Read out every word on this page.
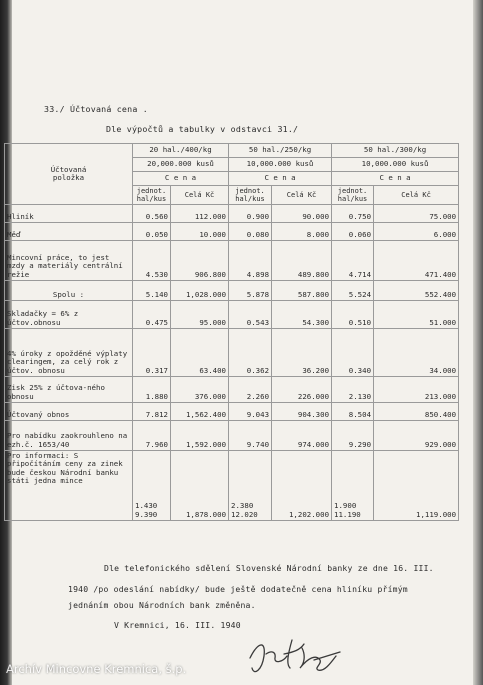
33./ Účtovaná cena .
Dle výpočtů a tabulky v odstavci 31./
Účtovaná
položka	20 hal./400/kg		50 hal./250/kg		50 hal./300/kg	
	20,000.000 kusů		10,000.000 kusů		10,000.000 kusů	
	C e n a		C e n a		C e n a	
	jednot. hal/kus	Celá Kč	jednot. hal/kus	Celá Kč	jednot. hal/kus	Celá Kč
Hliník	0.560	112.000	0.900	90.000	0.750	75.000
Měď	0.050	10.000	0.080	8.000	0.060	6.000
Mincovní práce, to jest mzdy a materiály centrální režie	4.530	906.800	4.898	489.800	4.714	471.400
Spolu :	5.140	1,028.000	5.878	587.800	5.524	552.400
Skladačky = 6% z účtov.obnosu	0.475	95.000	0.543	54.300	0.510	51.000
4% úroky z opožděné výplaty clearingem, za celý rok z účtov. obnosu	0.317	63.400	0.362	36.200	0.340	34.000
Zisk 25% z účtova-ného obnosu	1.880	376.000	2.260	226.000	2.130	213.000
Účtovaný obnos	7.812	1,562.400	9.043	904.300	8.504	850.400
Pro nabídku zaokrouhleno na ezh.č. 1653/40	7.960	1,592.000	9.740	974.000	9.290	929.000
Pro informaci: S připočítáním ceny za zinek bude českou Národní banku státi jedna mince	1.430 9.390	1,878.000	2.380 12.020	1,202.000	1.900 11.190	1,119.000
Dle telefonického sdělení Slovenské Národní banky ze dne 16. III.
1940 /po odeslání nabídky/ bude ještě dodatečně cena hliníku přímým
jednáním obou Národních bank změněna.
V Kremnici, 16. III. 1940
Archív Mincovne Kremnica, š.p.
